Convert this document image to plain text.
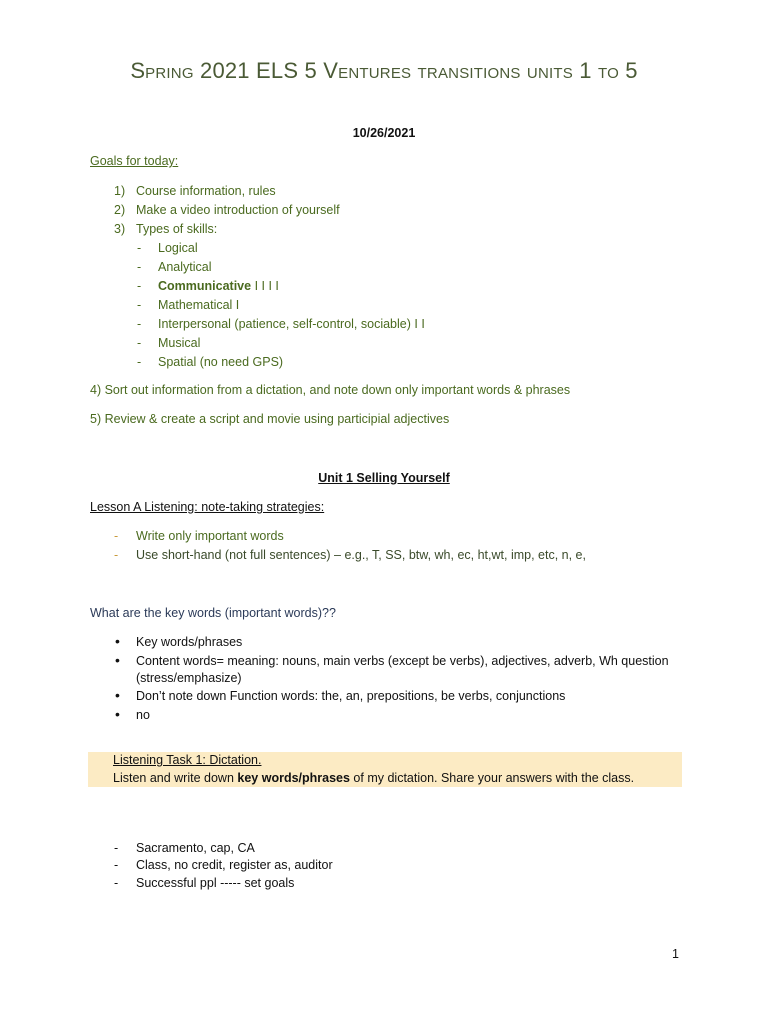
Spring 2021 ELS 5 Ventures transitions units 1 to 5
10/26/2021
Goals for today:
1) Course information, rules
2) Make a video introduction of yourself
3) Types of skills:
- Logical
- Analytical
- Communicative I I I I
- Mathematical I
- Interpersonal (patience, self-control, sociable) I I
- Musical
- Spatial (no need GPS)
4) Sort out information from a dictation, and note down only important words & phrases
5) Review & create a script and movie using participial adjectives
Unit 1 Selling Yourself
Lesson A Listening: note-taking strategies:
- Write only important words
- Use short-hand (not full sentences) – e.g., T, SS, btw, wh, ec, ht,wt, imp, etc, n, e,
What are the key words (important words)??
• Key words/phrases
• Content words= meaning: nouns, main verbs (except be verbs), adjectives, adverb, Wh question
(stress/emphasize)
• Don’t note down Function words: the, an, prepositions, be verbs, conjunctions
• no
Listening Task 1: Dictation.
Listen and write down key words/phrases of my dictation. Share your answers with the class.
- Sacramento, cap, CA
- Class, no credit, register as, auditor
- Successful ppl ----- set goals
1
